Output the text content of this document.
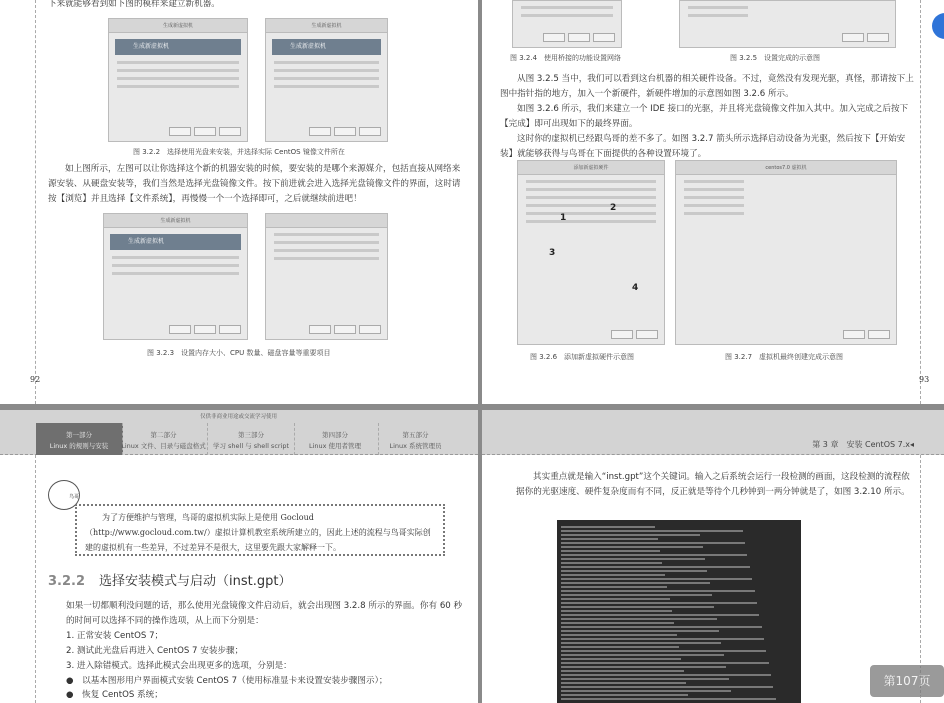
下来就能够看到如下图的模样来建立新机器。
生成新虚拟机
生成新虚拟机
生成新虚拟机
生成新虚拟机
图 3.2.2　选择使用光盘来安装，并选择实际 CentOS 镜像文件所在
如上图所示，左图可以让你选择这个新的机器安装的时候，要安装的是哪个来源媒介，包括直接从网络来源安装、从硬盘安装等，我们当然是选择光盘镜像文件。按下前进就会进入选择光盘镜像文件的界面，这时请按【浏览】并且选择【文件系统】，再慢慢一个一个选择即可，之后就继续前进吧！
生成新虚拟机
生成新虚拟机
图 3.2.3　设置内存大小、CPU 数量、磁盘容量等重要项目
92
图 3.2.4　使用桥接的功能设置网络	图 3.2.5　设置完成的示意图
从图 3.2.5 当中，我们可以看到这台机器的相关硬件设备。不过，竟然没有发现光驱，真怪，那请按下上图中指针指的地方，加入一个新硬件，新硬件增加的示意图如图 3.2.6 所示。
如图 3.2.6 所示，我们来建立一个 IDE 接口的光驱，并且将光盘镜像文件加入其中。加入完成之后按下【完成】即可出现如下的最终界面。
这时你的虚拟机已经跟鸟哥的差不多了。如图 3.2.7 箭头所示选择启动设备为光驱，然后按下【开始安装】就能够获得与鸟哥在下面提供的各种设置环境了。
添加新虚拟硬件	centos7.0 虚拟机
1
2
3
4
图 3.2.6　添加新虚拟硬件示意图	图 3.2.7　虚拟机最终创建完成示意图
93
仅供非商业用途或交流学习使用
第一部分
Linux 的规则与安装
第二部分
Linux 文件、目录与磁盘格式
第三部分
学习 shell 与 shell script
第四部分
Linux 使用者管理
第五部分
Linux 系统管理员
鸟哥
为了方便维护与管理，鸟哥的虚拟机实际上是使用 Gocloud（http://www.gocloud.com.tw/）虚拟计算机教室系统所建立的，因此上述的流程与鸟哥实际创建的虚拟机有一些差异，不过差异不是很大，这里要先跟大家解释一下。
3.2.2 选择安装模式与启动（inst.gpt）
如果一切都顺利没问题的话，那么使用光盘镜像文件启动后，就会出现图 3.2.8 所示的界面。你有 60 秒的时间可以选择不同的操作选项，从上而下分别是：
1. 正常安装 CentOS 7；
2. 测试此光盘后再进入 CentOS 7 安装步骤；
3. 进入除错模式。选择此模式会出现更多的选项，分别是：
●　以基本图形用户界面模式安装 CentOS 7（使用标准显卡来设置安装步骤图示）；
●　恢复 CentOS 系统；
第 3 章　安装 CentOS 7.x◂
其实重点就是输入“inst.gpt”这个关键词。输入之后系统会运行一段检测的画面，这段检测的流程依据你的光驱速度、硬件复杂度而有不同，反正就是等待个几秒钟到一两分钟就是了，如图 3.2.10 所示。
第107页
